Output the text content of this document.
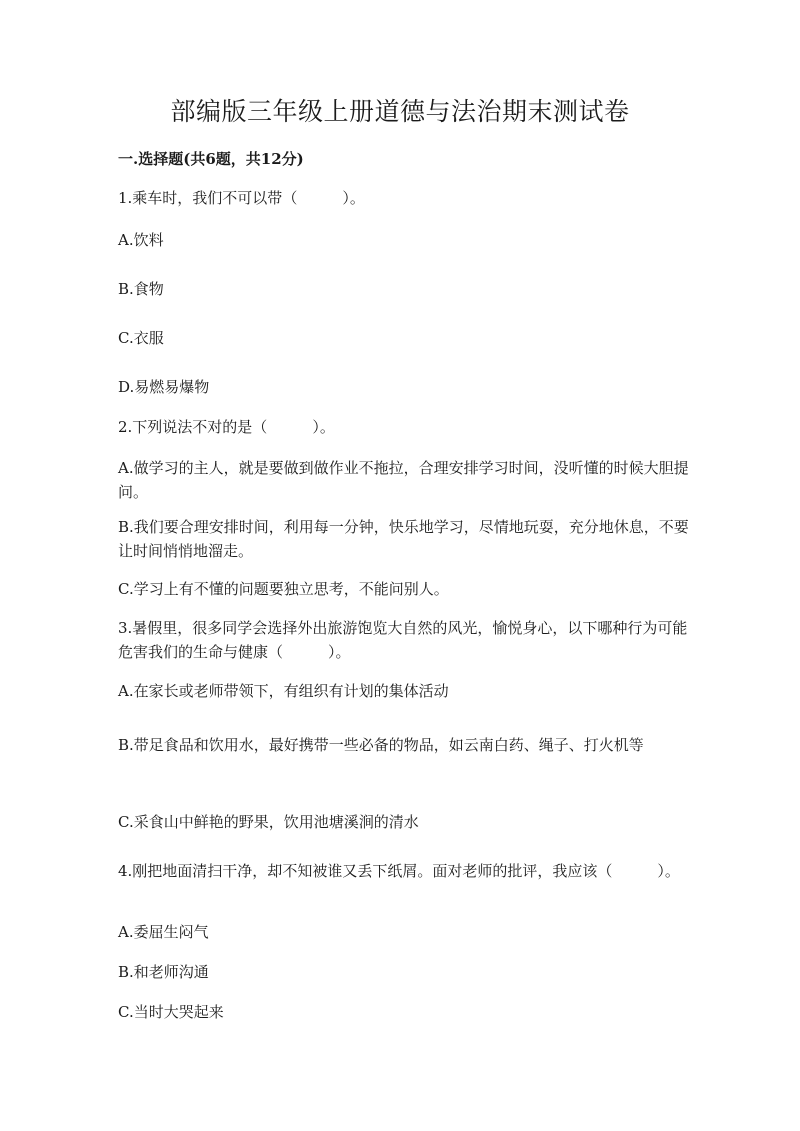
部编版三年级上册道德与法治期末测试卷
一.选择题(共6题，共12分)
1.乘车时，我们不可以带（　　　）。
A.饮料
B.食物
C.衣服
D.易燃易爆物
2.下列说法不对的是（　　　）。
A.做学习的主人，就是要做到做作业不拖拉，合理安排学习时间，没听懂的时候大胆提问。
B.我们要合理安排时间，利用每一分钟，快乐地学习，尽情地玩耍，充分地休息，不要让时间悄悄地溜走。
C.学习上有不懂的问题要独立思考，不能问别人。
3.暑假里，很多同学会选择外出旅游饱览大自然的风光，愉悦身心，以下哪种行为可能危害我们的生命与健康（　　　）。
A.在家长或老师带领下，有组织有计划的集体活动
B.带足食品和饮用水，最好携带一些必备的物品，如云南白药、绳子、打火机等
C.采食山中鲜艳的野果，饮用池塘溪涧的清水
4.刚把地面清扫干净，却不知被谁又丢下纸屑。面对老师的批评，我应该（　　　）。
A.委屈生闷气
B.和老师沟通
C.当时大哭起来
